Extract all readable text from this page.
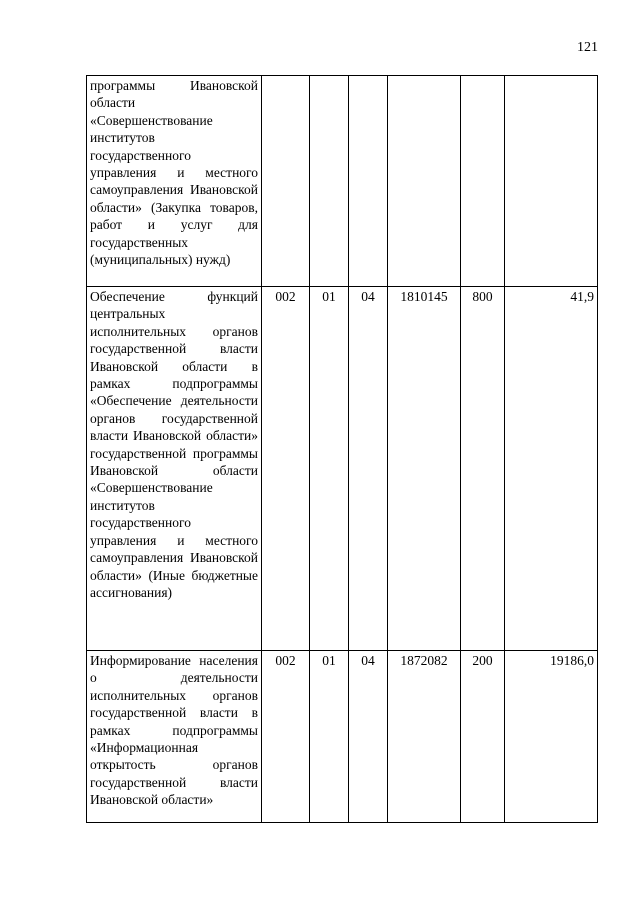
121
программы Ивановской области «Совершенствование институтов государственного управления и местного самоуправления Ивановской области» (Закупка товаров, работ и услуг для государственных (муниципальных) нужд)						
Обеспечение функций центральных исполнительных органов государственной власти Ивановской области в рамках подпрограммы «Обеспечение деятельности органов государственной власти Ивановской области» государственной программы Ивановской области «Совершенствование институтов государственного управления и местного самоуправления Ивановской области» (Иные бюджетные ассигнования)	002	01	04	1810145	800	41,9
Информирование населения о деятельности исполнительных органов государственной власти в рамках подпрограммы «Информационная открытость органов государственной власти Ивановской области»	002	01	04	1872082	200	19186,0
